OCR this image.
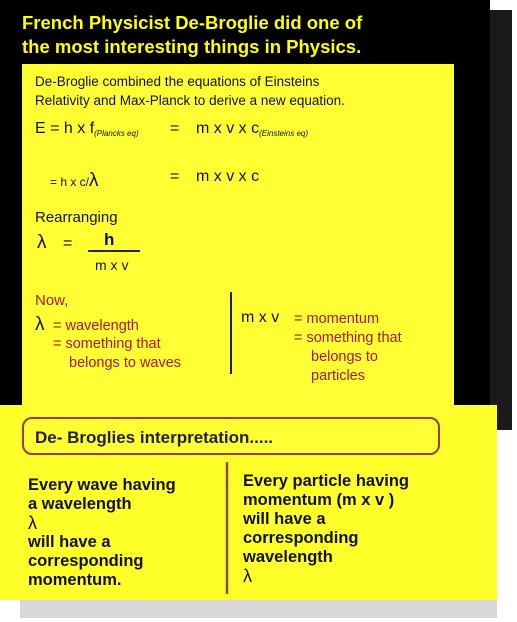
French Physicist De-Broglie did one of
the most interesting things in Physics.
De-Broglie combined the equations of Einsteins
Relativity and Max-Planck to derive a new equation.
E = h x $f_{(Plancks eq)} = m$ x v x $c_{(Einsteins eq)}$
= h x c/λ	= m x v x c
Rearranging
λ = h
m x v
Now,
λ = wavelength
= something that
belongs to waves
m x v = momentum
= something that
belongs to
particles
De- Broglies interpretation.....
Every wave having
a wavelength
λ
will have a
corresponding
momentum.
Every particle having
momentum (m x v )
will have a
corresponding
wavelength
λ
